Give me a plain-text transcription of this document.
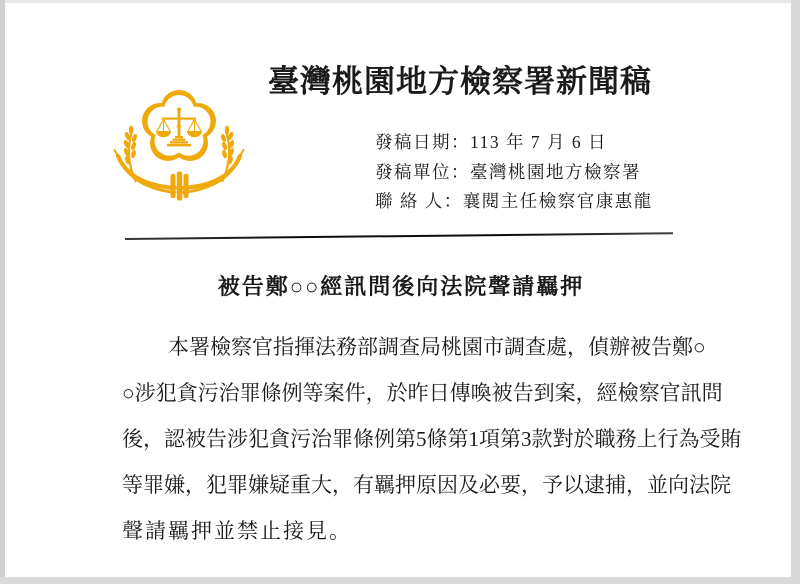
臺灣桃園地方檢察署新聞稿
發稿日期：113 年 7 月 6 日
發稿單位：臺灣桃園地方檢察署
聯 絡 人：襄閱主任檢察官康惠龍
被告鄭○○經訊問後向法院聲請羈押
本署檢察官指揮法務部調查局桃園市調查處，偵辦被告鄭○
○涉犯貪污治罪條例等案件，於昨日傳喚被告到案，經檢察官訊問
後，認被告涉犯貪污治罪條例第5條第1項第3款對於職務上行為受賄
等罪嫌，犯罪嫌疑重大，有羈押原因及必要，予以逮捕，並向法院
聲請羈押並禁止接見。
